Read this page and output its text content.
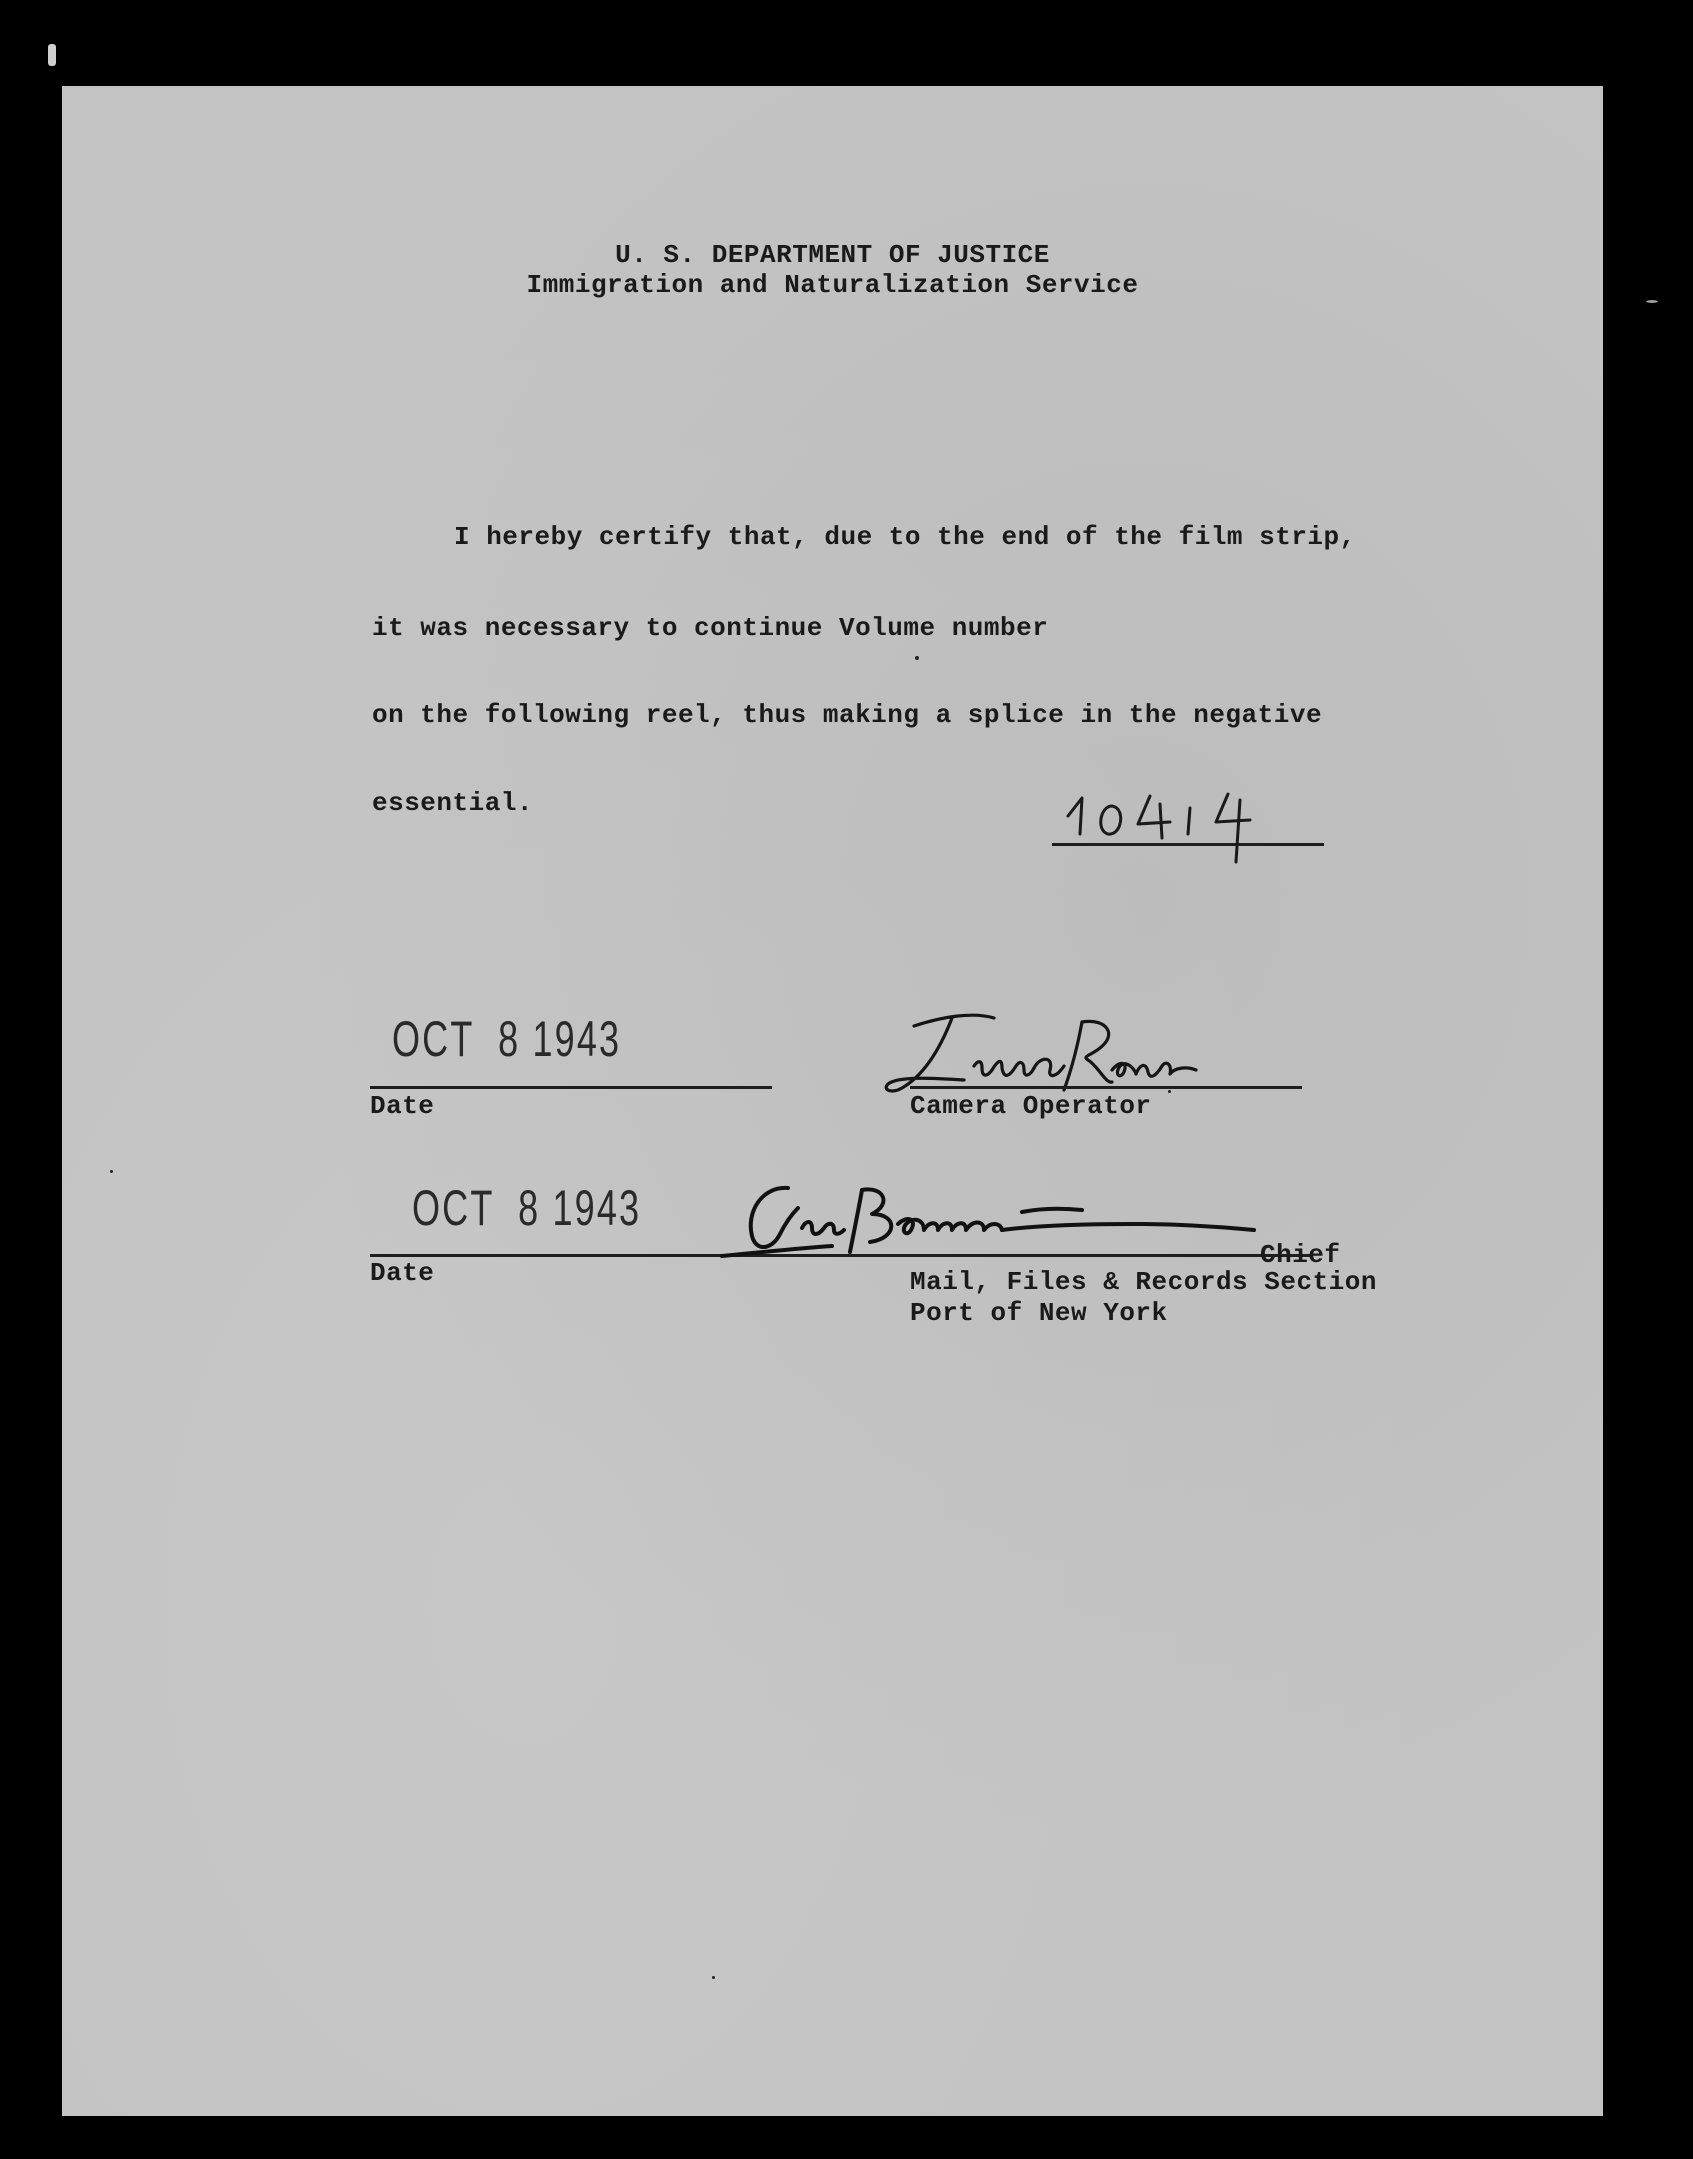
U. S. DEPARTMENT OF JUSTICE
Immigration and Naturalization Service
I hereby certify that, due to the end of the film strip,
it was necessary to continue Volume number
on the following reel, thus making a splice in the negative
essential.
OCT  8 1943
Date	Camera Operator
OCT  8 1943
Date
Chief
Mail, Files & Records Section
Port of New York
